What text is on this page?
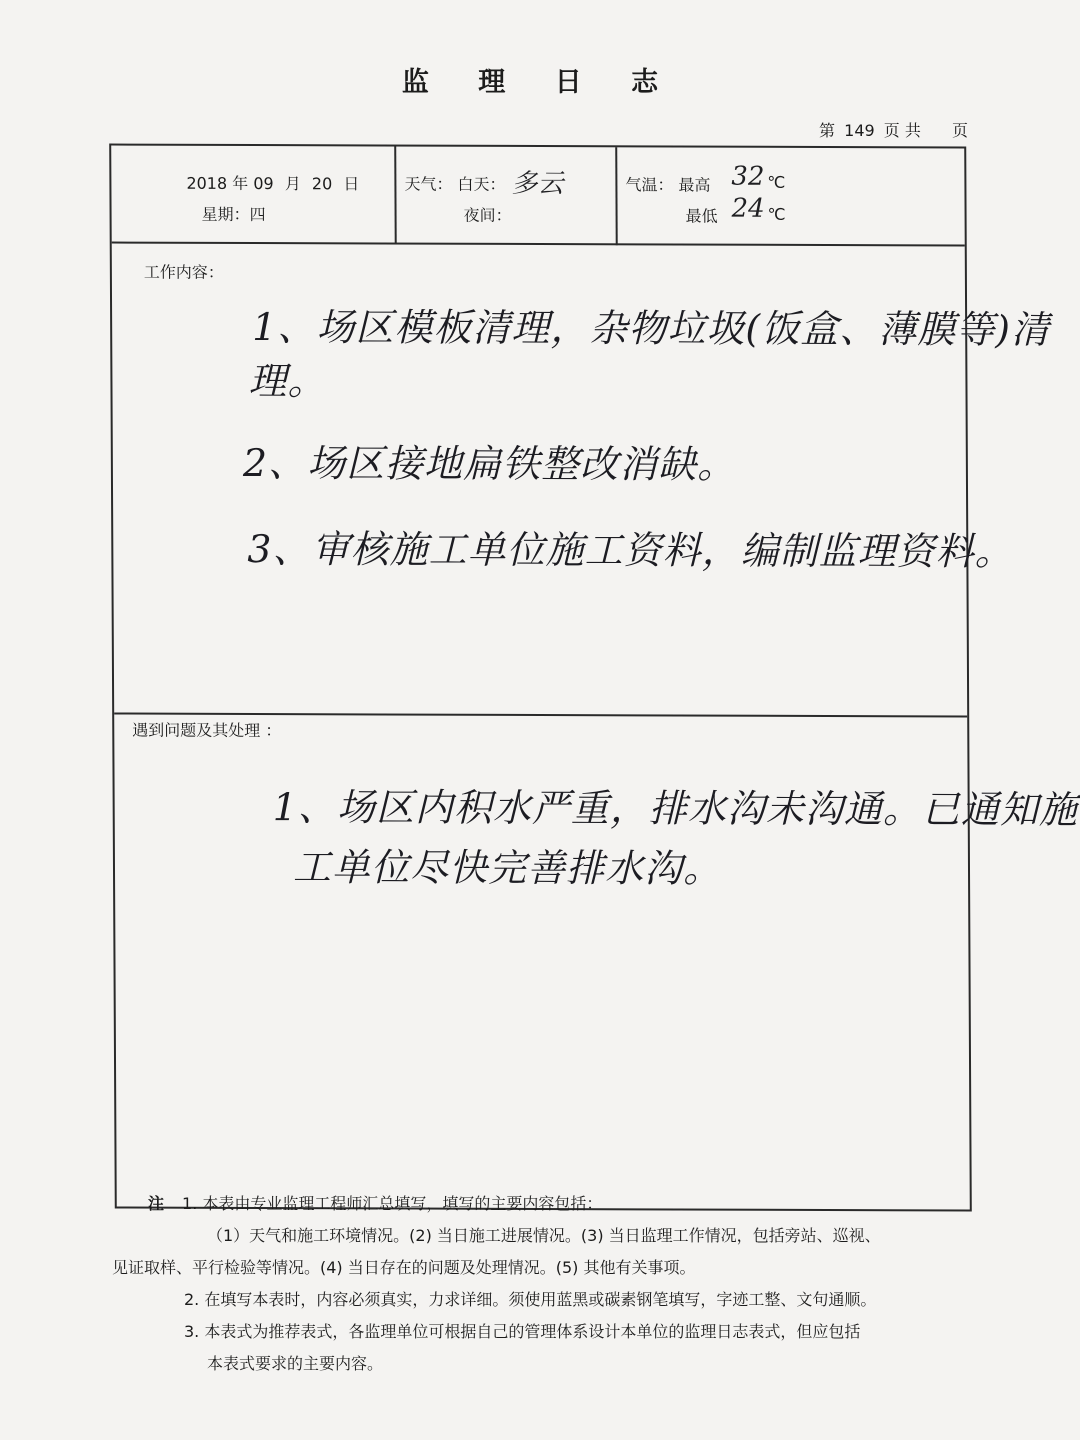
监 理 日 志
第 149 页 共 页
2018 年 09 月 20 日
星期：四
天气： 白天： 多云
夜间：
气温： 最高 32 ℃
最低 24 ℃
工作内容：
1、场区模板清理，杂物垃圾(饭盒、薄膜等)清
理。
2、场区接地扁铁整改消缺。
3、审核施工单位施工资料，编制监理资料。
遇到问题及其处理 ：
1、场区内积水严重，排水沟未沟通。已通知施
工单位尽快完善排水沟。
注 1. 本表由专业监理工程师汇总填写，填写的主要内容包括：
（1）天气和施工环境情况。(2) 当日施工进展情况。(3) 当日监理工作情况，包括旁站、巡视、
见证取样、平行检验等情况。(4) 当日存在的问题及处理情况。(5) 其他有关事项。
2. 在填写本表时，内容必须真实，力求详细。须使用蓝黑或碳素钢笔填写，字迹工整、文句通顺。
3. 本表式为推荐表式，各监理单位可根据自己的管理体系设计本单位的监理日志表式，但应包括
本表式要求的主要内容。
